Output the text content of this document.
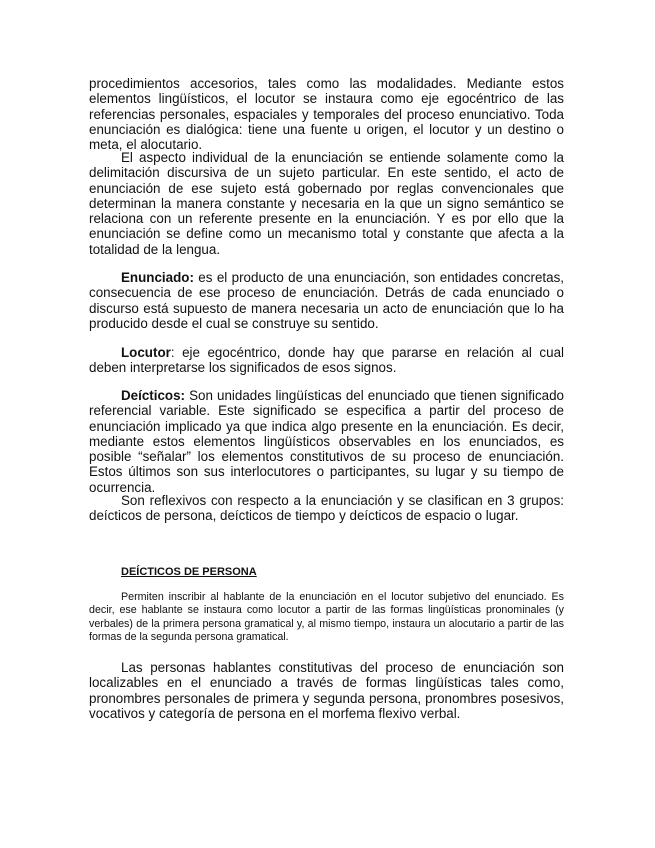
procedimientos accesorios, tales como las modalidades. Mediante estos elementos lingüísticos, el locutor se instaura como eje egocéntrico de las referencias personales, espaciales y temporales del proceso enunciativo. Toda enunciación es dialógica: tiene una fuente u origen, el locutor y un destino o meta, el alocutario.

El aspecto individual de la enunciación se entiende solamente como la delimitación discursiva de un sujeto particular. En este sentido, el acto de enunciación de ese sujeto está gobernado por reglas convencionales que determinan la manera constante y necesaria en la que un signo semántico se relaciona con un referente presente en la enunciación. Y es por ello que la enunciación se define como un mecanismo total y constante que afecta a la totalidad de la lengua.

Enunciado: es el producto de una enunciación, son entidades concretas, consecuencia de ese proceso de enunciación. Detrás de cada enunciado o discurso está supuesto de manera necesaria un acto de enunciación que lo ha producido desde el cual se construye su sentido.

Locutor: eje egocéntrico, donde hay que pararse en relación al cual deben interpretarse los significados de esos signos.

Deícticos: Son unidades lingüísticas del enunciado que tienen significado referencial variable. Este significado se especifica a partir del proceso de enunciación implicado ya que indica algo presente en la enunciación. Es decir, mediante estos elementos lingüísticos observables en los enunciados, es posible “señalar” los elementos constitutivos de su proceso de enunciación. Estos últimos son sus interlocutores o participantes, su lugar y su tiempo de ocurrencia.

Son reflexivos con respecto a la enunciación y se clasifican en 3 grupos: deícticos de persona, deícticos de tiempo y deícticos de espacio o lugar.

DEÍCTICOS DE PERSONA

Permiten inscribir al hablante de la enunciación en el locutor subjetivo del enunciado. Es decir, ese hablante se instaura como locutor a partir de las formas lingüísticas pronominales (y verbales) de la primera persona gramatical y, al mismo tiempo, instaura un alocutario a partir de las formas de la segunda persona gramatical.

Las personas hablantes constitutivas del proceso de enunciación son localizables en el enunciado a través de formas lingüísticas tales como, pronombres personales de primera y segunda persona, pronombres posesivos, vocativos y categoría de persona en el morfema flexivo verbal.
